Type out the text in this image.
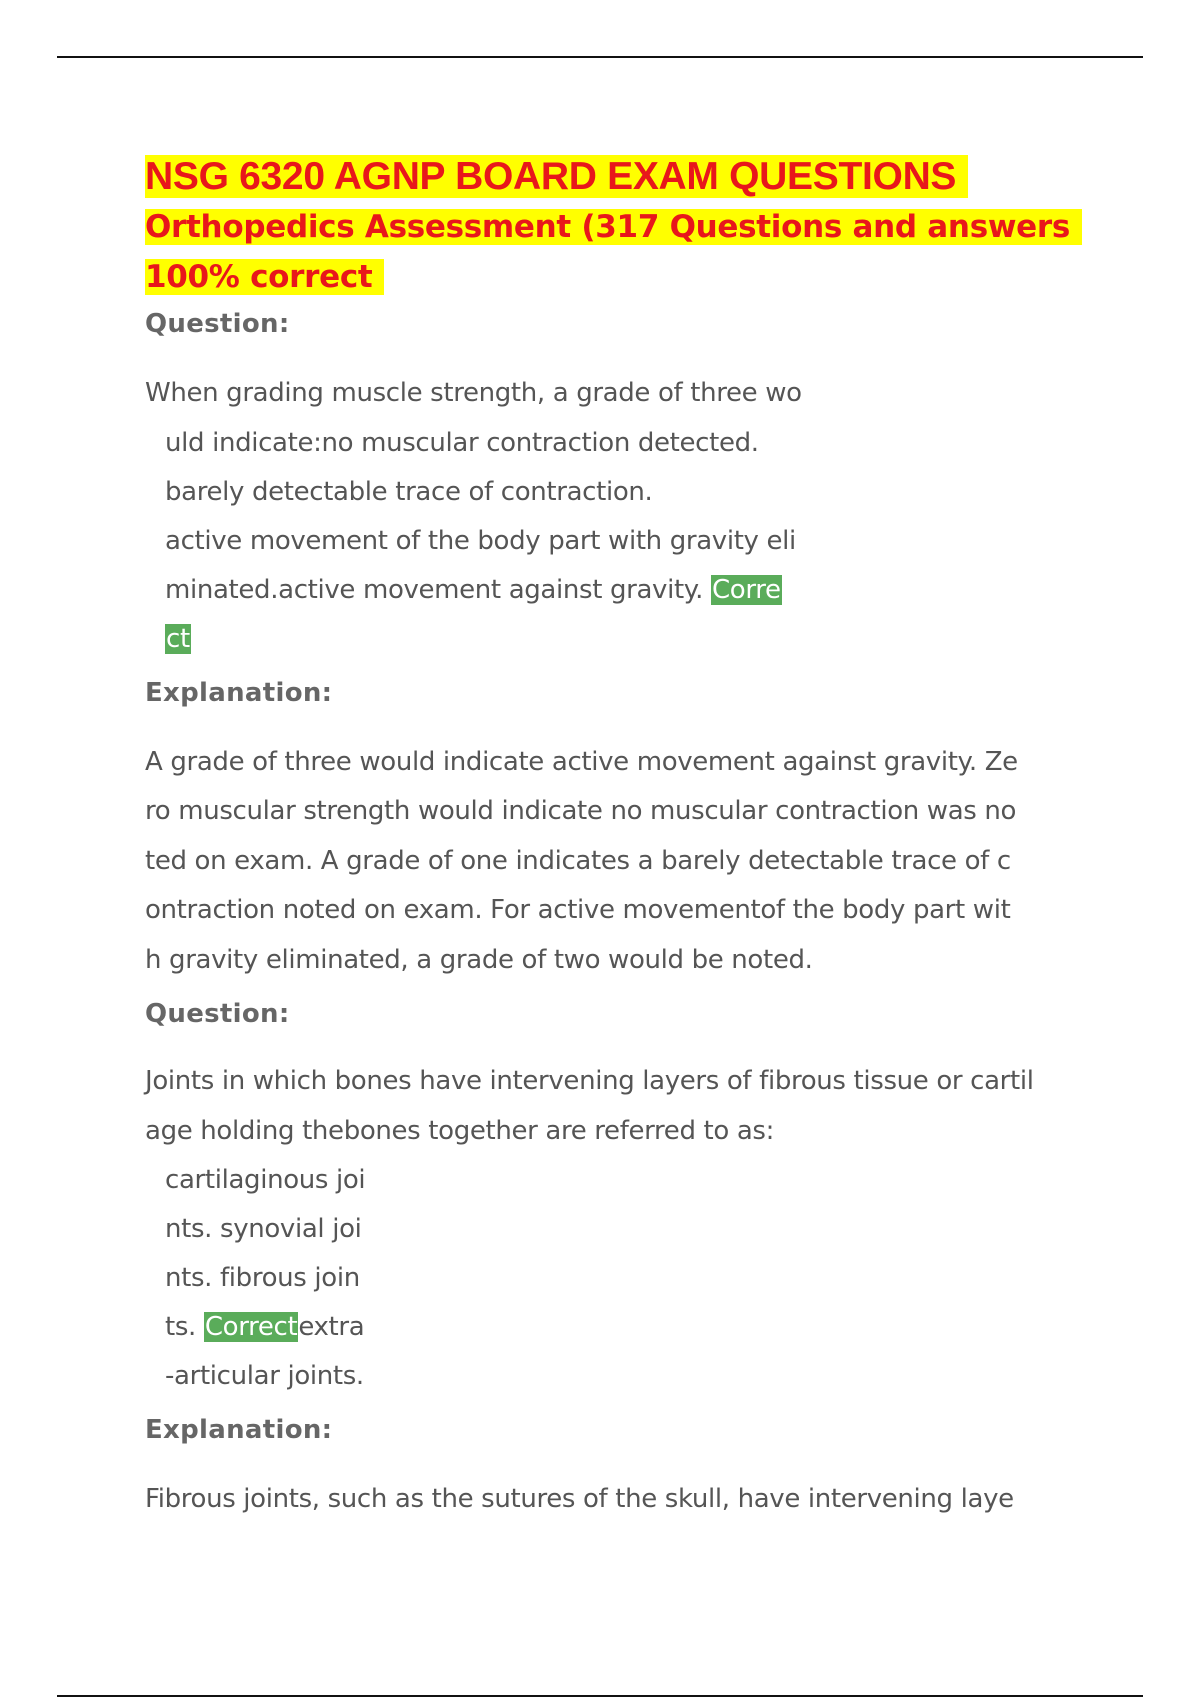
NSG 6320 AGNP BOARD EXAM QUESTIONS
Orthopedics Assessment (317 Questions and answers
100% correct

Question:

When grading muscle strength, a grade of three wo

uld indicate:no muscular contraction detected.

barely detectable trace of contraction.

active movement of the body part with gravity eli

minated.active movement against gravity. Corre

ct

Explanation:

A grade of three would indicate active movement against gravity. Ze

ro muscular strength would indicate no muscular contraction was no

ted on exam. A grade of one indicates a barely detectable trace of c

ontraction noted on exam. For active movementof the body part wit

h gravity eliminated, a grade of two would be noted.

Question:

Joints in which bones have intervening layers of fibrous tissue or cartil

age holding thebones together are referred to as:

cartilaginous joi

nts. synovial joi

nts. fibrous join

ts. Correctextra

-articular joints.

Explanation:

Fibrous joints, such as the sutures of the skull, have intervening laye
